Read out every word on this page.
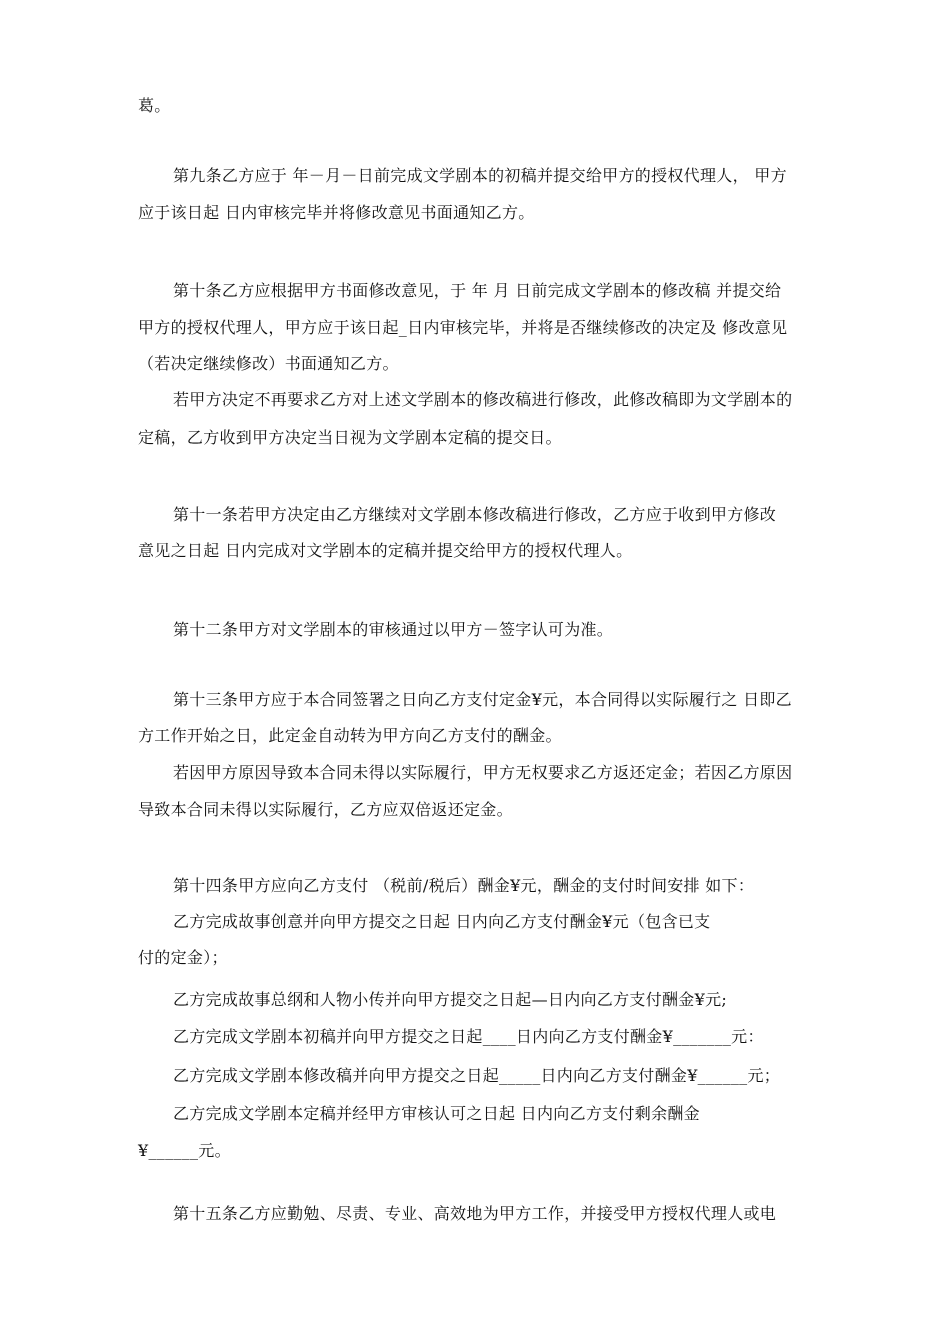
葛。
第九条乙方应于 年－月－日前完成文学剧本的初稿并提交给甲方的授权代理人， 甲方
应于该日起 日内审核完毕并将修改意见书面通知乙方。
第十条乙方应根据甲方书面修改意见，于 年 月 日前完成文学剧本的修改稿 并提交给
甲方的授权代理人，甲方应于该日起_日内审核完毕，并将是否继续修改的决定及 修改意见
（若决定继续修改）书面通知乙方。
若甲方决定不再要求乙方对上述文学剧本的修改稿进行修改，此修改稿即为文学剧本的
定稿，乙方收到甲方决定当日视为文学剧本定稿的提交日。
第十一条若甲方决定由乙方继续对文学剧本修改稿进行修改，乙方应于收到甲方修改
意见之日起 日内完成对文学剧本的定稿并提交给甲方的授权代理人。
第十二条甲方对文学剧本的审核通过以甲方－签字认可为准。
第十三条甲方应于本合同签署之日向乙方支付定金¥元，本合同得以实际履行之 日即乙
方工作开始之日，此定金自动转为甲方向乙方支付的酬金。
若因甲方原因导致本合同未得以实际履行，甲方无权要求乙方返还定金；若因乙方原因
导致本合同未得以实际履行，乙方应双倍返还定金。
第十四条甲方应向乙方支付 （税前/税后）酬金¥元，酬金的支付时间安排 如下：
乙方完成故事创意并向甲方提交之日起 日内向乙方支付酬金¥元（包含已支
付的定金）；
乙方完成故事总纲和人物小传并向甲方提交之日起—日内向乙方支付酬金¥元;
乙方完成文学剧本初稿并向甲方提交之日起____日内向乙方支付酬金¥_______元：
乙方完成文学剧本修改稿并向甲方提交之日起_____日内向乙方支付酬金¥______元；
乙方完成文学剧本定稿并经甲方审核认可之日起 日内向乙方支付剩余酬金
¥______元。
第十五条乙方应勤勉、尽责、专业、高效地为甲方工作，并接受甲方授权代理人或电
